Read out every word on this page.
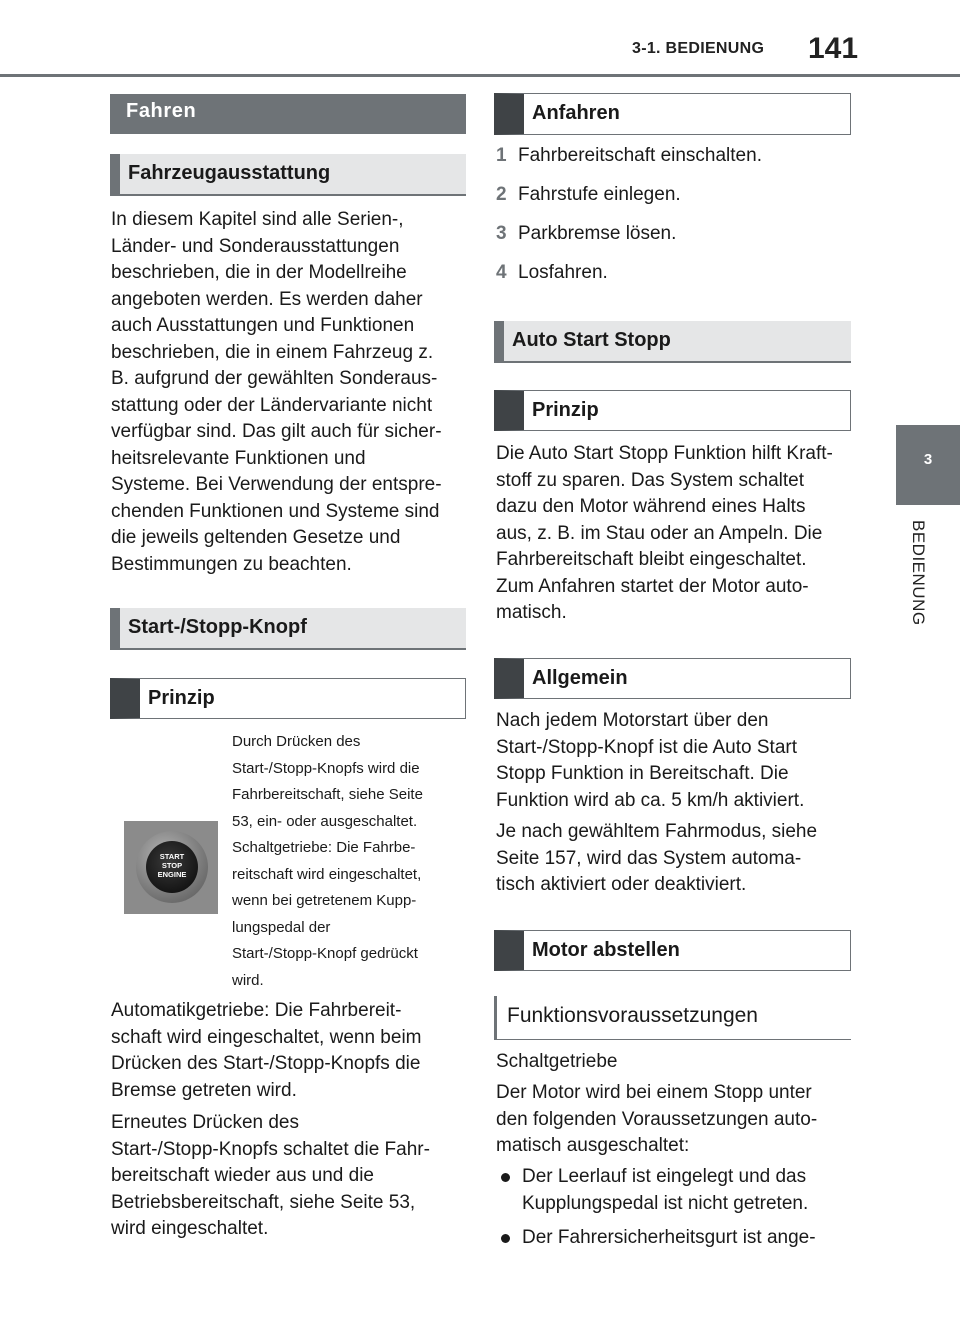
3-1. BEDIENUNG 141
3
BEDIENUNG
Fahren
Fahrzeugausstattung
In diesem Kapitel sind alle Serien-,
Länder- und Sonderausstattungen
beschrieben, die in der Modellreihe
angeboten werden. Es werden daher
auch Ausstattungen und Funktionen
beschrieben, die in einem Fahrzeug z.
B. aufgrund der gewählten Sonderaus-
stattung oder der Ländervariante nicht
verfügbar sind. Das gilt auch für sicher-
heitsrelevante Funktionen und
Systeme. Bei Verwendung der entspre-
chenden Funktionen und Systeme sind
die jeweils geltenden Gesetze und
Bestimmungen zu beachten.
Start-/Stopp-Knopf
Prinzip
START
STOP
ENGINE
Durch Drücken des
Start-/Stopp-Knopfs wird die
Fahrbereitschaft, siehe Seite
53, ein- oder ausgeschaltet.
Schaltgetriebe: Die Fahrbe-
reitschaft wird eingeschaltet,
wenn bei getretenem Kupp-
lungspedal der
Start-/Stopp-Knopf gedrückt
wird.
Automatikgetriebe: Die Fahrbereit-
schaft wird eingeschaltet, wenn beim
Drücken des Start-/Stopp-Knopfs die
Bremse getreten wird.
Erneutes Drücken des
Start-/Stopp-Knopfs schaltet die Fahr-
bereitschaft wieder aus und die
Betriebsbereitschaft, siehe Seite 53,
wird eingeschaltet.
Anfahren
1 Fahrbereitschaft einschalten.
2 Fahrstufe einlegen.
3 Parkbremse lösen.
4 Losfahren.
Auto Start Stopp
Prinzip
Die Auto Start Stopp Funktion hilft Kraft-
stoff zu sparen. Das System schaltet
dazu den Motor während eines Halts
aus, z. B. im Stau oder an Ampeln. Die
Fahrbereitschaft bleibt eingeschaltet.
Zum Anfahren startet der Motor auto-
matisch.
Allgemein
Nach jedem Motorstart über den
Start-/Stopp-Knopf ist die Auto Start
Stopp Funktion in Bereitschaft. Die
Funktion wird ab ca. 5 km/h aktiviert.
Je nach gewähltem Fahrmodus, siehe
Seite 157, wird das System automa-
tisch aktiviert oder deaktiviert.
Motor abstellen
Funktionsvoraussetzungen
Schaltgetriebe
Der Motor wird bei einem Stopp unter
den folgenden Voraussetzungen auto-
matisch ausgeschaltet:
Der Leerlauf ist eingelegt und das
Kupplungspedal ist nicht getreten.
Der Fahrersicherheitsgurt ist ange-
